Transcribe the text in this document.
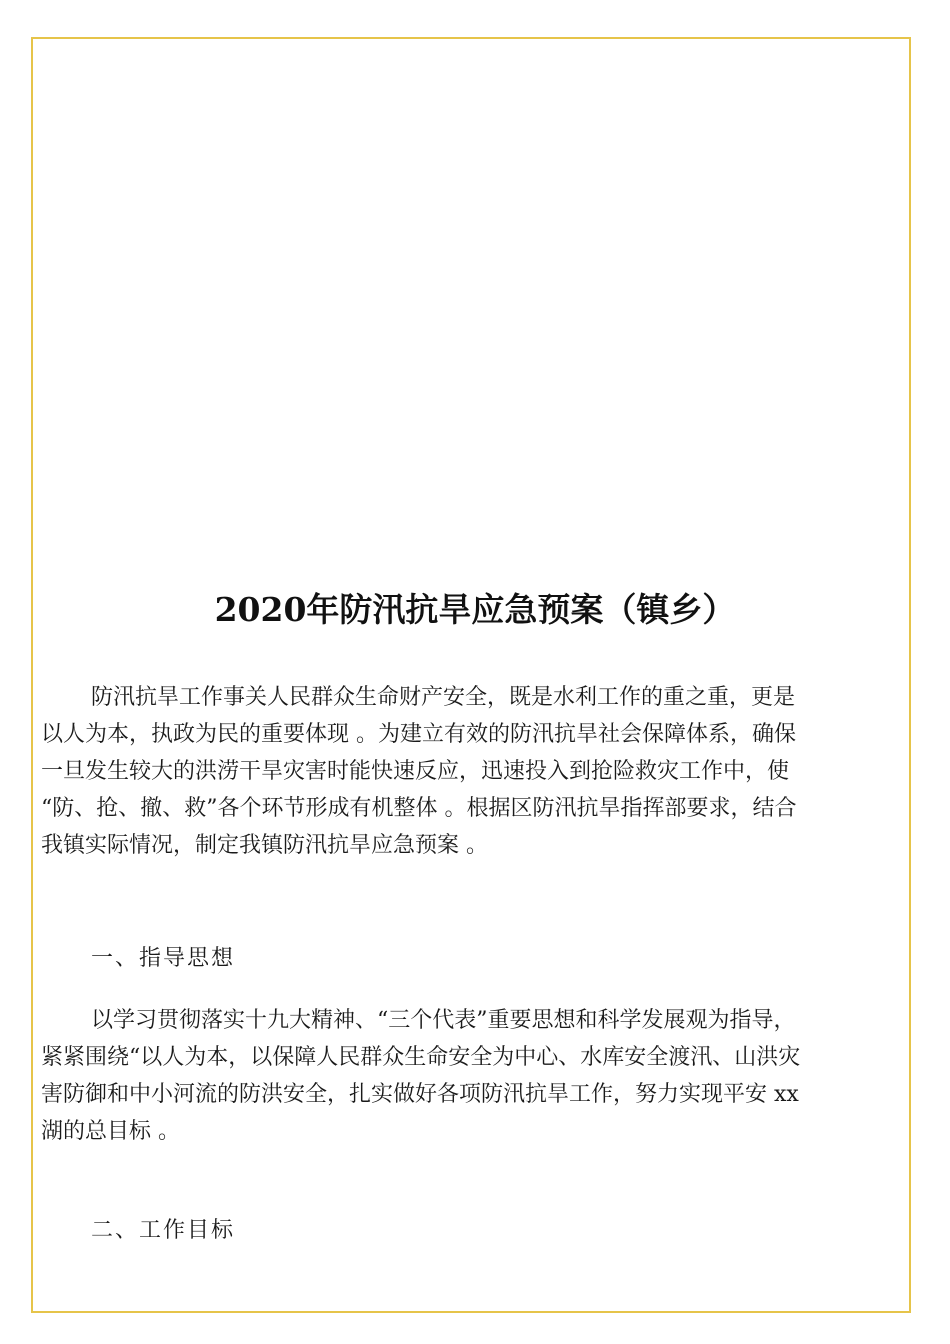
2020年防汛抗旱应急预案（镇乡）
防汛抗旱工作事关人民群众生命财产安全，既是水利工作的重之重，更是
以人为本，执政为民的重要体现 。为建立有效的防汛抗旱社会保障体系，确保
一旦发生较大的洪涝干旱灾害时能快速反应，迅速投入到抢险救灾工作中，使
“防、抢、撤、救”各个环节形成有机整体 。根据区防汛抗旱指挥部要求，结合
我镇实际情况，制定我镇防汛抗旱应急预案 。
一、指导思想
以学习贯彻落实十九大精神、“三个代表”重要思想和科学发展观为指导，
紧紧围绕“以人为本，以保障人民群众生命安全为中心、水库安全渡汛、山洪灾
害防御和中小河流的防洪安全，扎实做好各项防汛抗旱工作，努力实现平安 xx
湖的总目标 。
二、工作目标
